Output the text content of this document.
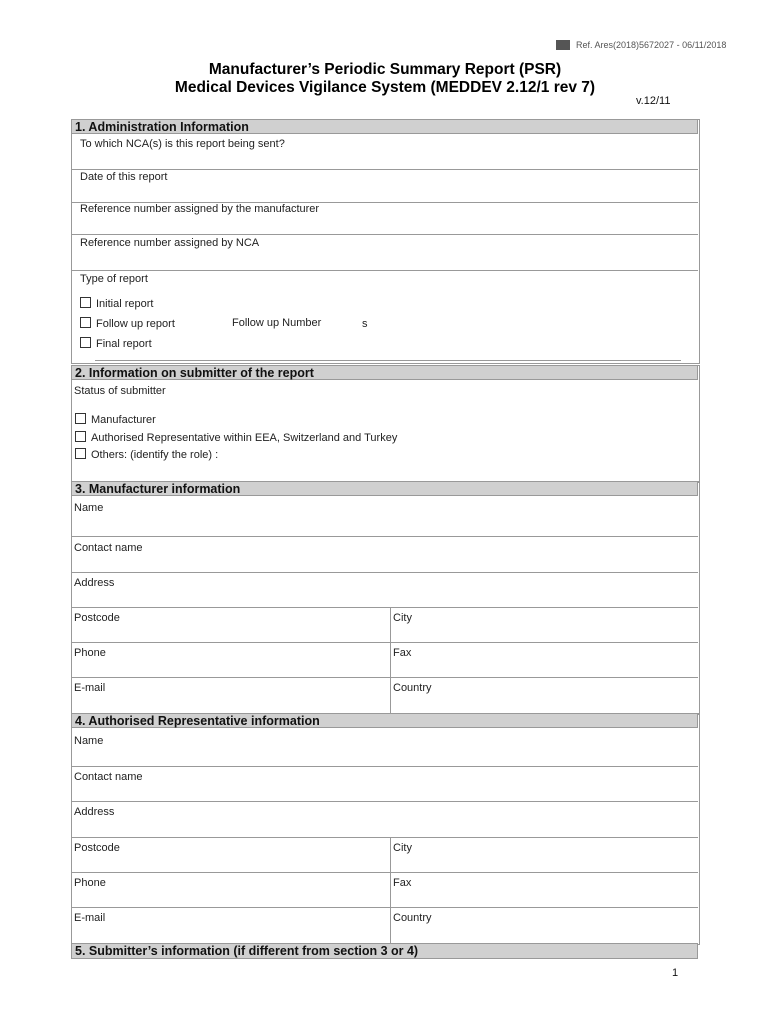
Ref. Ares(2018)5672027 - 06/11/2018
Manufacturer’s Periodic Summary Report (PSR)
Medical Devices Vigilance System (MEDDEV 2.12/1 rev 7)
v.12/11
1. Administration Information
To which NCA(s) is this report being sent?
Date of this report
Reference number assigned by the manufacturer
Reference number assigned by NCA
Type of report
Initial report
Follow up report	Follow up Number	s
Final report
2. Information on submitter of the report
Status of submitter
Manufacturer
Authorised Representative within EEA, Switzerland and Turkey
Others: (identify the role) :
3. Manufacturer information
Name
Contact name
Address
Postcode	City
Phone	Fax
E-mail	Country
4. Authorised Representative information
Name
Contact name
Address
Postcode	City
Phone	Fax
E-mail	Country
5. Submitter’s information (if different from section 3 or 4)
1
